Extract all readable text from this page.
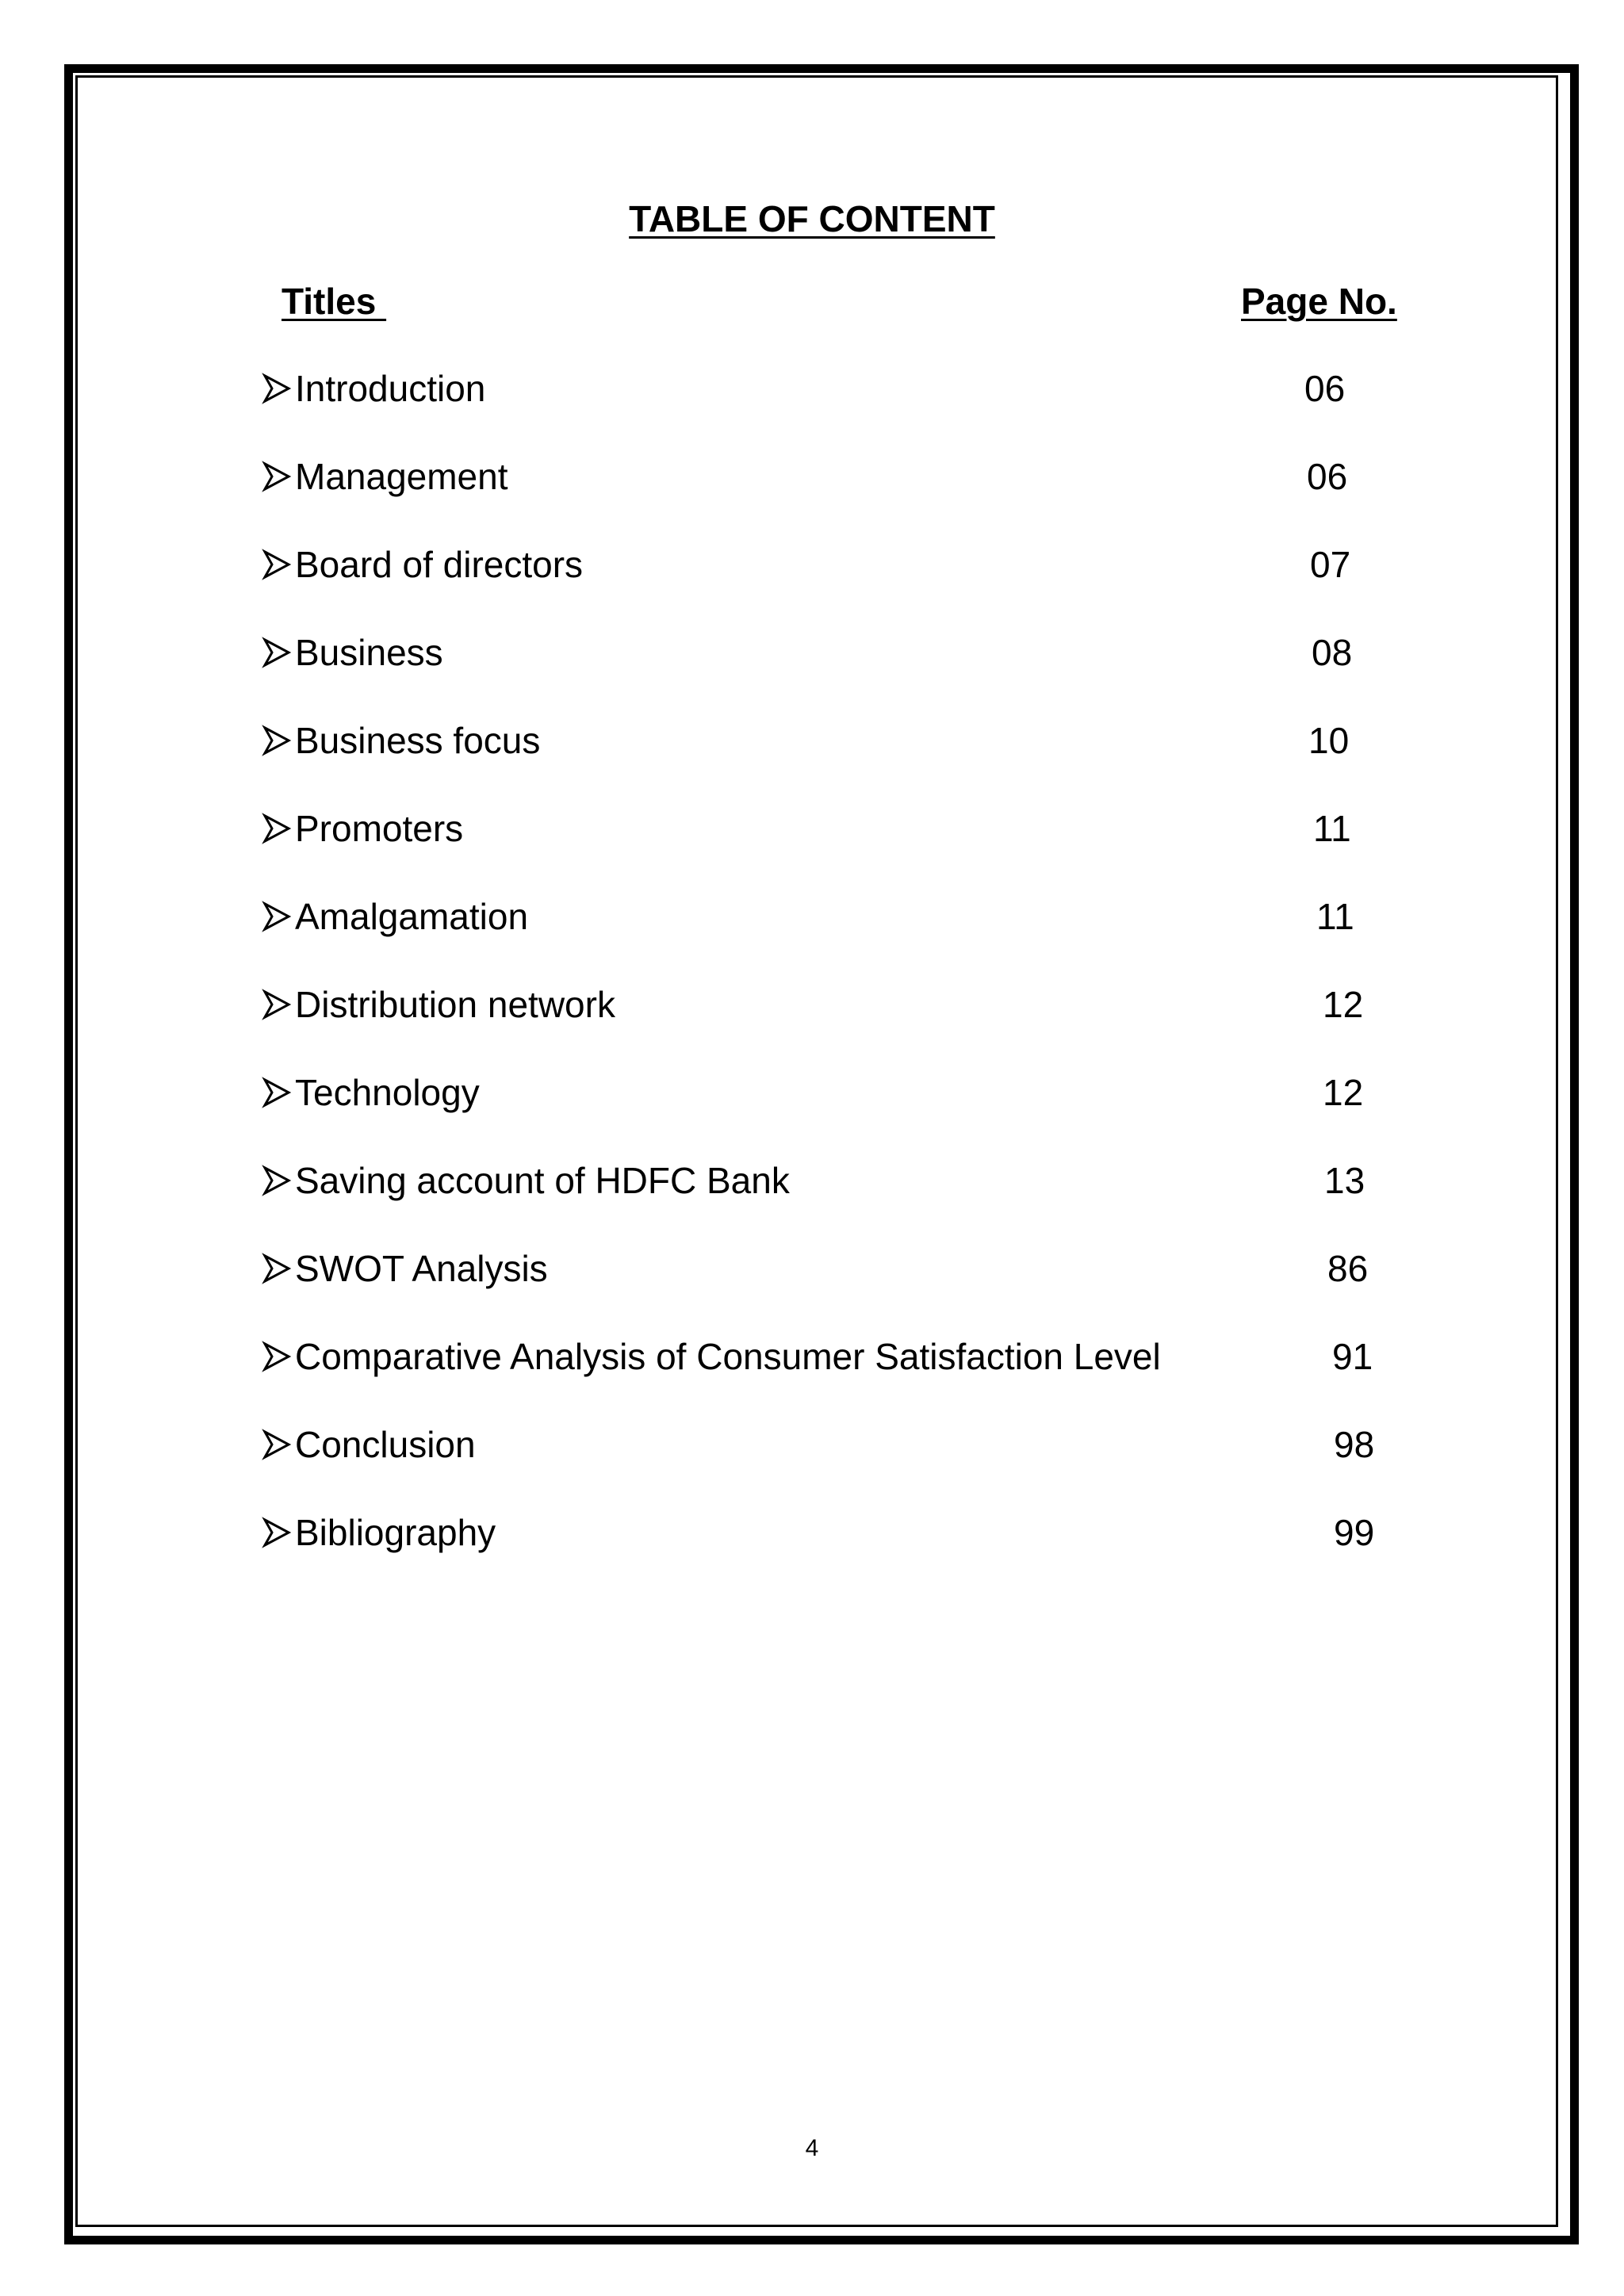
TABLE OF CONTENT
Titles	Page No.
Introduction	06
Management	06
Board of directors	07
Business	08
Business focus	10
Promoters	11
Amalgamation	11
Distribution network	12
Technology	12
Saving account of HDFC Bank	13
SWOT Analysis	86
Comparative Analysis of Consumer Satisfaction Level	91
Conclusion	98
Bibliography	99
4
